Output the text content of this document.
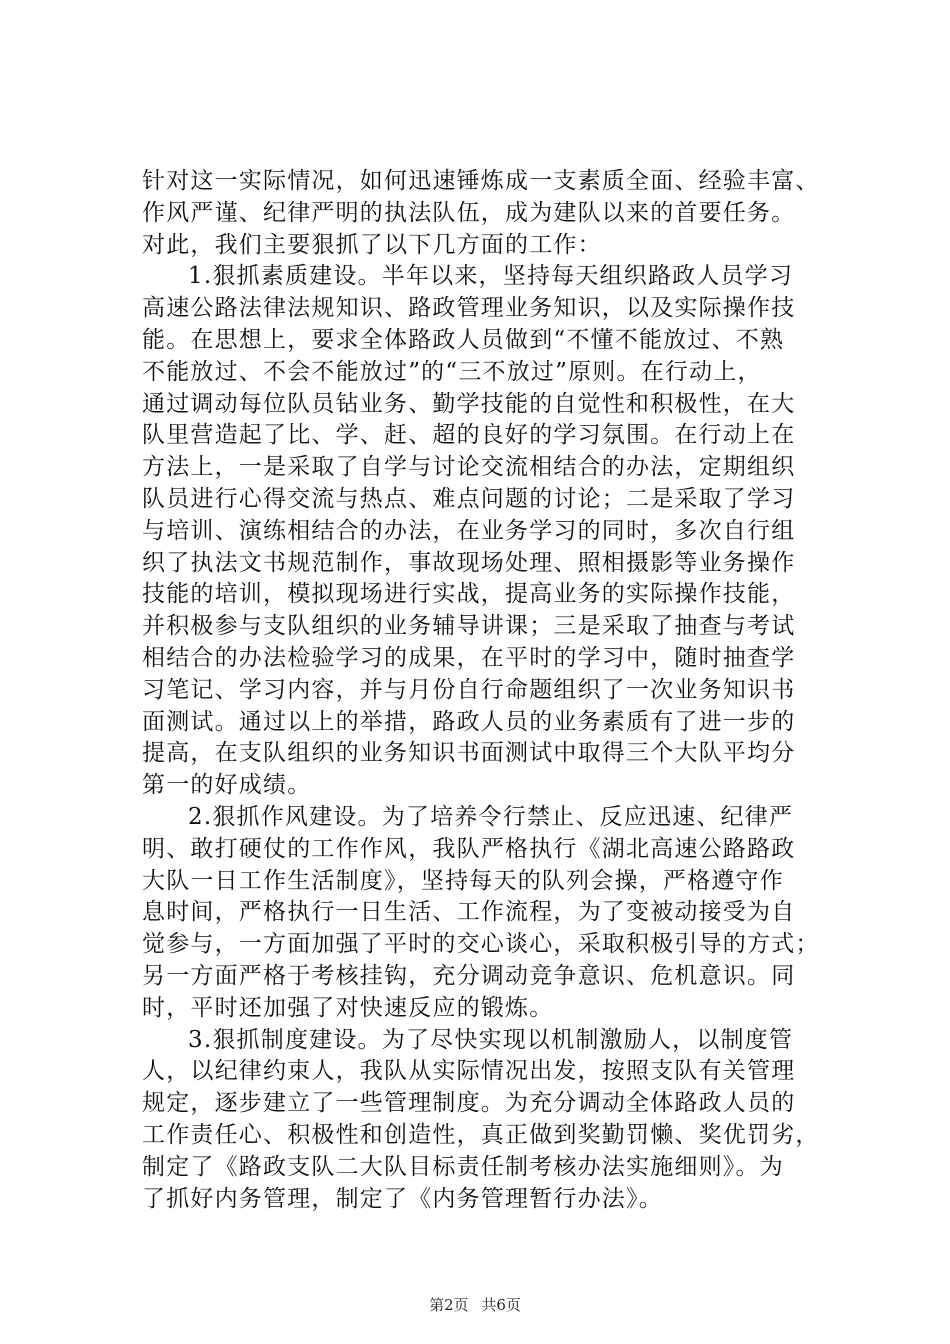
针对这一实际情况，如何迅速锤炼成一支素质全面、经验丰富、
作风严谨、纪律严明的执法队伍，成为建队以来的首要任务。
对此，我们主要狠抓了以下几方面的工作：
1.狠抓素质建设。半年以来，坚持每天组织路政人员学习
高速公路法律法规知识、路政管理业务知识，以及实际操作技
能。在思想上，要求全体路政人员做到“不懂不能放过、不熟
不能放过、不会不能放过”的“三不放过”原则。在行动上，
通过调动每位队员钻业务、勤学技能的自觉性和积极性，在大
队里营造起了比、学、赶、超的良好的学习氛围。在行动上在
方法上，一是采取了自学与讨论交流相结合的办法，定期组织
队员进行心得交流与热点、难点问题的讨论；二是采取了学习
与培训、演练相结合的办法，在业务学习的同时，多次自行组
织了执法文书规范制作，事故现场处理、照相摄影等业务操作
技能的培训，模拟现场进行实战，提高业务的实际操作技能，
并积极参与支队组织的业务辅导讲课；三是采取了抽查与考试
相结合的办法检验学习的成果，在平时的学习中，随时抽查学
习笔记、学习内容，并与月份自行命题组织了一次业务知识书
面测试。通过以上的举措，路政人员的业务素质有了进一步的
提高，在支队组织的业务知识书面测试中取得三个大队平均分
第一的好成绩。
2.狠抓作风建设。为了培养令行禁止、反应迅速、纪律严
明、敢打硬仗的工作作风，我队严格执行《湖北高速公路路政
大队一日工作生活制度》，坚持每天的队列会操，严格遵守作
息时间，严格执行一日生活、工作流程，为了变被动接受为自
觉参与，一方面加强了平时的交心谈心，采取积极引导的方式；
另一方面严格于考核挂钩，充分调动竞争意识、危机意识。同
时，平时还加强了对快速反应的锻炼。
3.狠抓制度建设。为了尽快实现以机制激励人，以制度管
人，以纪律约束人，我队从实际情况出发，按照支队有关管理
规定，逐步建立了一些管理制度。为充分调动全体路政人员的
工作责任心、积极性和创造性，真正做到奖勤罚懒、奖优罚劣，
制定了《路政支队二大队目标责任制考核办法实施细则》。为
了抓好内务管理，制定了《内务管理暂行办法》。
第2页 共6页
